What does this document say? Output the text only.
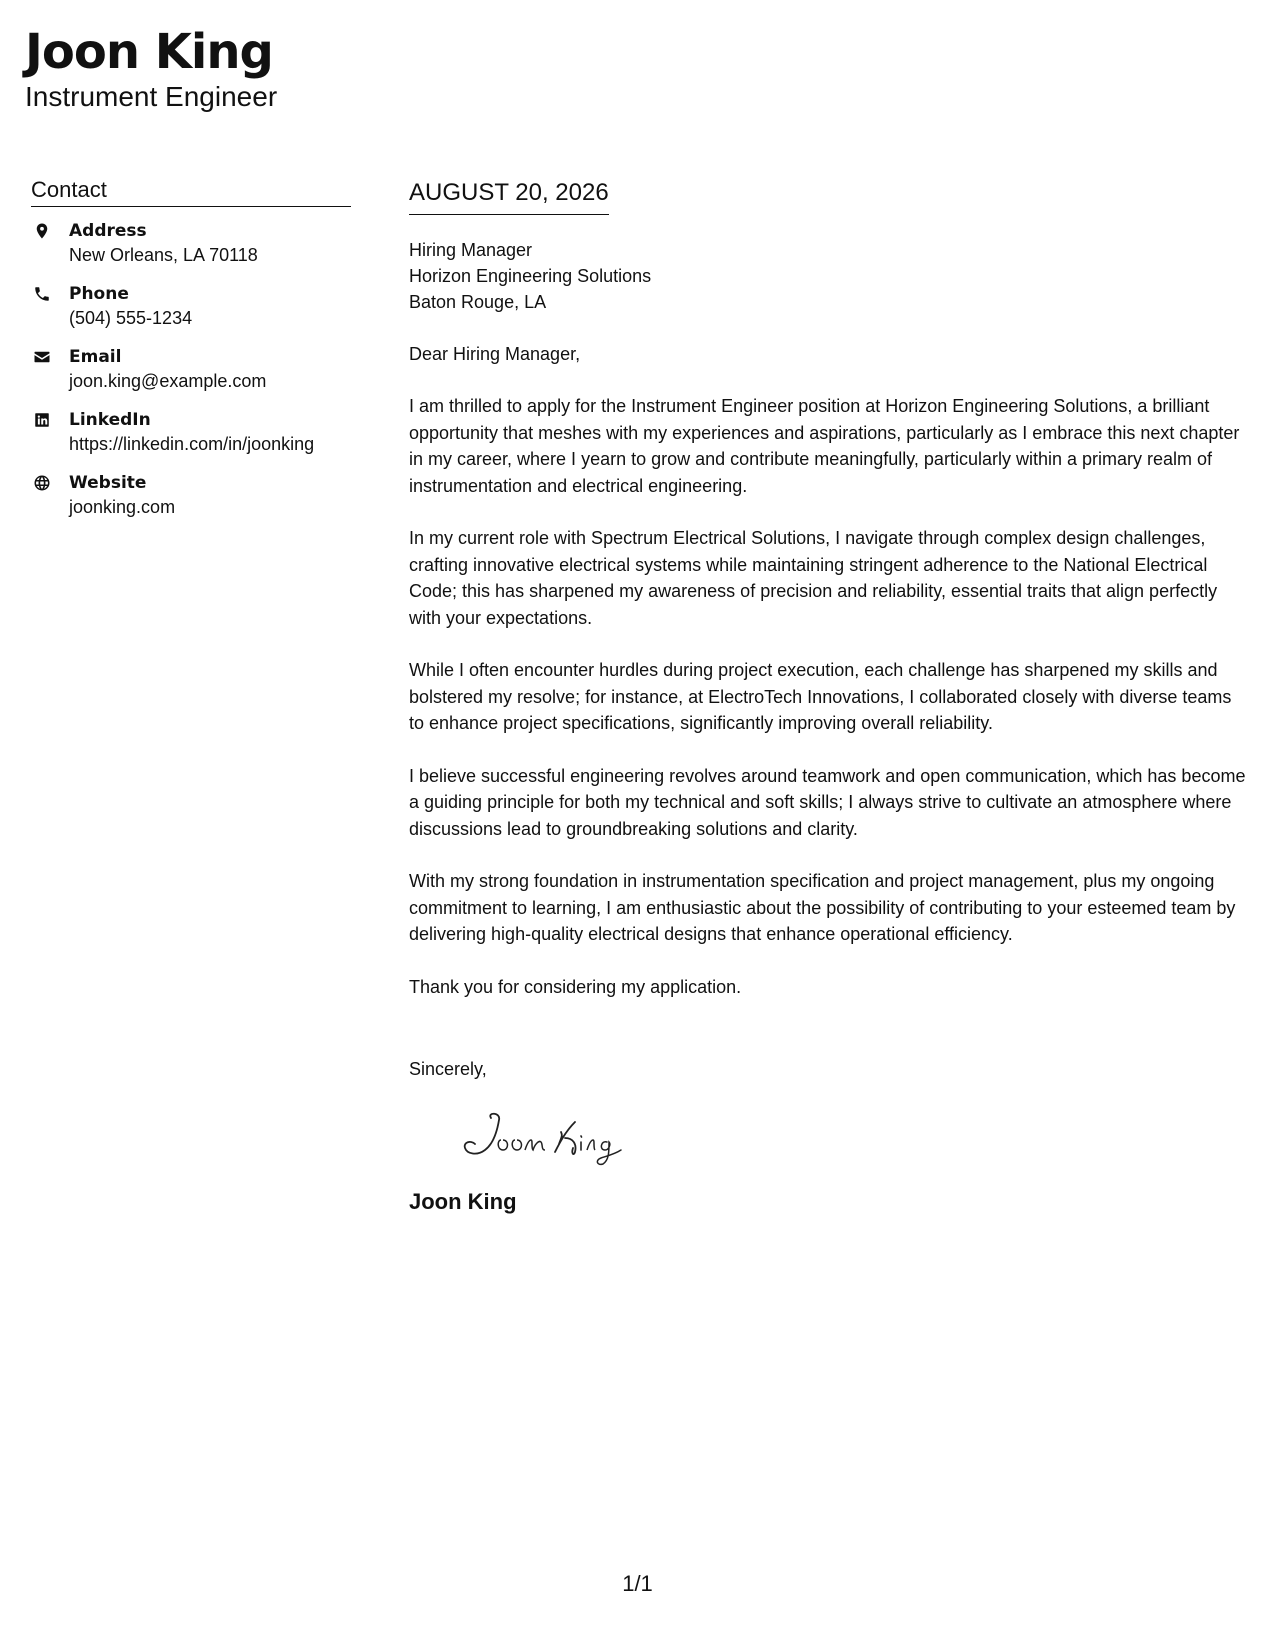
Joon King
Instrument Engineer
Contact
Address
New Orleans, LA 70118
Phone
(504) 555-1234
Email
joon.king@example.com
LinkedIn
https://linkedin.com/in/joonking
Website
joonking.com
AUGUST 20, 2026
Hiring Manager
Horizon Engineering Solutions
Baton Rouge, LA
Dear Hiring Manager,

I am thrilled to apply for the Instrument Engineer position at Horizon Engineering Solutions, a brilliant opportunity that meshes with my experiences and aspirations, particularly as I embrace this next chapter in my career, where I yearn to grow and contribute meaningfully, particularly within a primary realm of instrumentation and electrical engineering.

In my current role with Spectrum Electrical Solutions, I navigate through complex design challenges, crafting innovative electrical systems while maintaining stringent adherence to the National Electrical Code; this has sharpened my awareness of precision and reliability, essential traits that align perfectly with your expectations.

While I often encounter hurdles during project execution, each challenge has sharpened my skills and bolstered my resolve; for instance, at ElectroTech Innovations, I collaborated closely with diverse teams to enhance project specifications, significantly improving overall reliability.

I believe successful engineering revolves around teamwork and open communication, which has become a guiding principle for both my technical and soft skills; I always strive to cultivate an atmosphere where discussions lead to groundbreaking solutions and clarity.

With my strong foundation in instrumentation specification and project management, plus my ongoing commitment to learning, I am enthusiastic about the possibility of contributing to your esteemed team by delivering high-quality electrical designs that enhance operational efficiency.

Thank you for considering my application.

Sincerely,
Joon King
1/1
